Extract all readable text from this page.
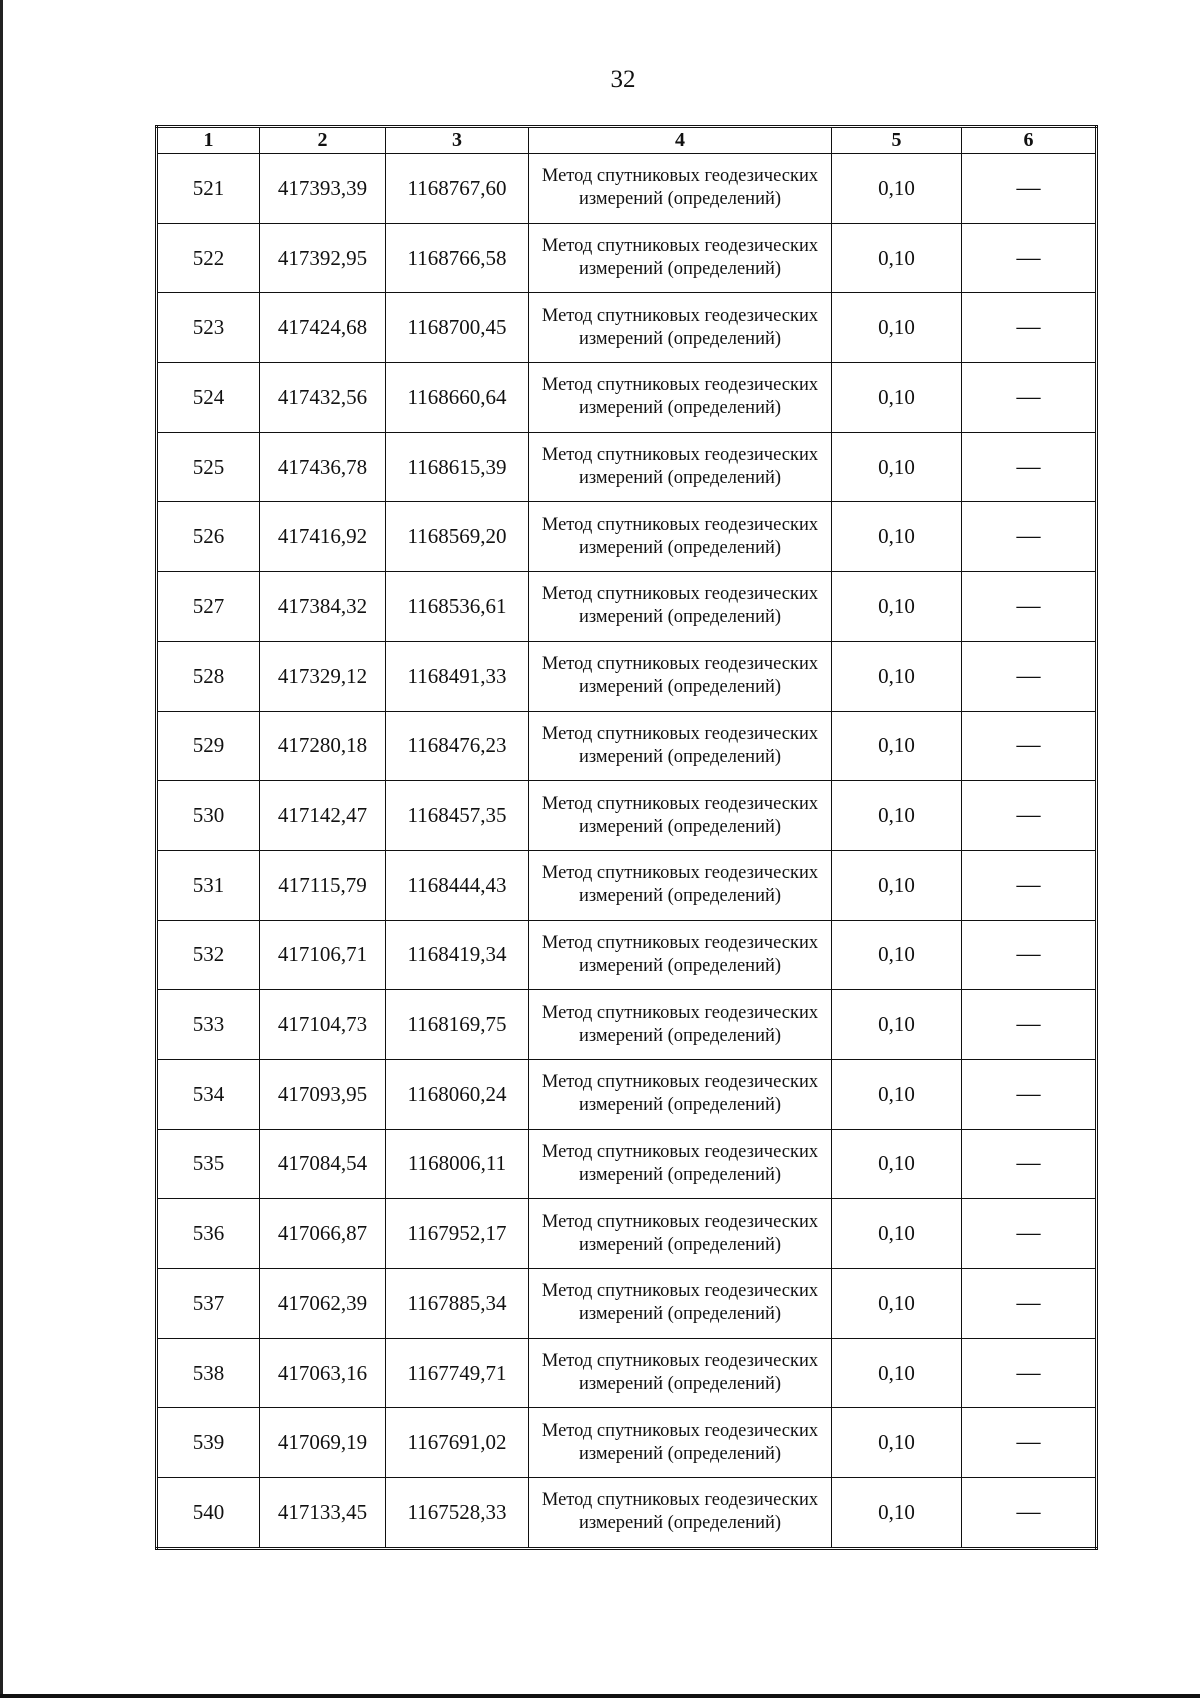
32
1	2	3	4	5	6
521	417393,39	1168767,60	Метод спутниковых геодезических измерений (определений)	0,10	—
522	417392,95	1168766,58	Метод спутниковых геодезических измерений (определений)	0,10	—
523	417424,68	1168700,45	Метод спутниковых геодезических измерений (определений)	0,10	—
524	417432,56	1168660,64	Метод спутниковых геодезических измерений (определений)	0,10	—
525	417436,78	1168615,39	Метод спутниковых геодезических измерений (определений)	0,10	—
526	417416,92	1168569,20	Метод спутниковых геодезических измерений (определений)	0,10	—
527	417384,32	1168536,61	Метод спутниковых геодезических измерений (определений)	0,10	—
528	417329,12	1168491,33	Метод спутниковых геодезических измерений (определений)	0,10	—
529	417280,18	1168476,23	Метод спутниковых геодезических измерений (определений)	0,10	—
530	417142,47	1168457,35	Метод спутниковых геодезических измерений (определений)	0,10	—
531	417115,79	1168444,43	Метод спутниковых геодезических измерений (определений)	0,10	—
532	417106,71	1168419,34	Метод спутниковых геодезических измерений (определений)	0,10	—
533	417104,73	1168169,75	Метод спутниковых геодезических измерений (определений)	0,10	—
534	417093,95	1168060,24	Метод спутниковых геодезических измерений (определений)	0,10	—
535	417084,54	1168006,11	Метод спутниковых геодезических измерений (определений)	0,10	—
536	417066,87	1167952,17	Метод спутниковых геодезических измерений (определений)	0,10	—
537	417062,39	1167885,34	Метод спутниковых геодезических измерений (определений)	0,10	—
538	417063,16	1167749,71	Метод спутниковых геодезических измерений (определений)	0,10	—
539	417069,19	1167691,02	Метод спутниковых геодезических измерений (определений)	0,10	—
540	417133,45	1167528,33	Метод спутниковых геодезических измерений (определений)	0,10	—
